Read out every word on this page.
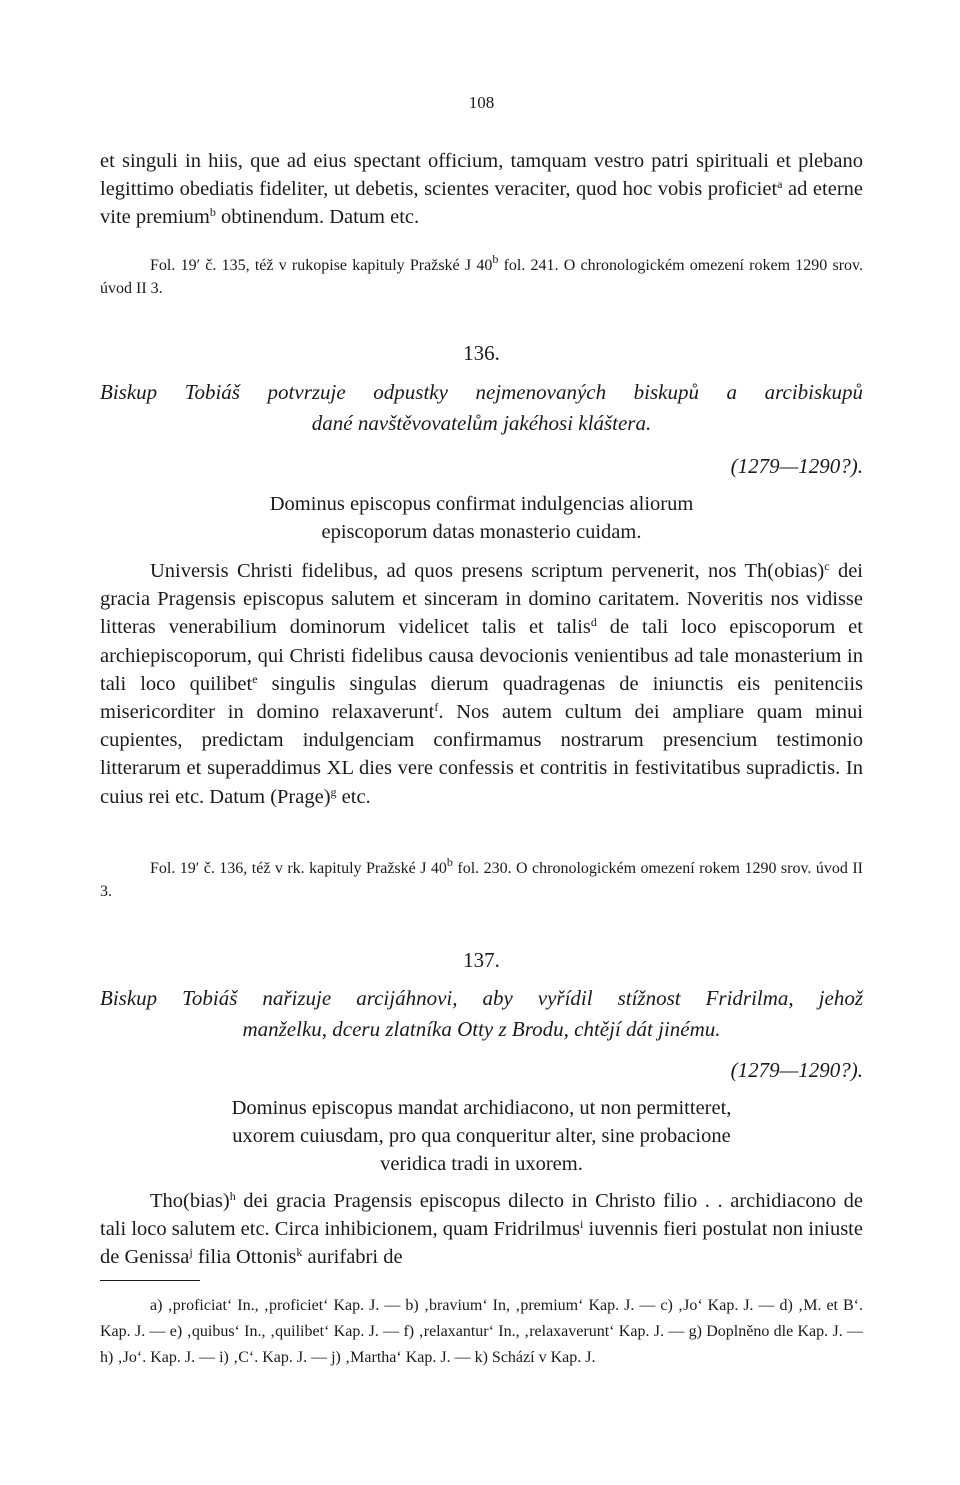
108

et singuli in hiis, que ad eius spectant officium, tamquam vestro patri spirituali et plebano legittimo obediatis fideliter, ut debetis, scientes veraciter, quod hoc vobis proficiet$^a$ ad eterne vite premium$^b$ obtinendum. Datum etc.

Fol. 19′ č. 135, též v rukopise kapituly Pražské J 40$^b$ fol. 241. O chronologickém omezení rokem 1290 srov. úvod II 3.

136.
Biskup Tobiáš potvrzuje odpustky nejmenovaných biskupů a arcibiskupů
dané navštěvovatelům jakéhosi kláštera.
(1279—1290?).
Dominus episcopus confirmat indulgencias aliorum
episcoporum datas monasterio cuidam.

Universis Christi fidelibus, ad quos presens scriptum pervenerit, nos Th(obias)$^c$ dei gracia Pragensis episcopus salutem et sinceram in domino caritatem. Noveritis nos vidisse litteras venerabilium dominorum videlicet talis et talis$^d$ de tali loco episcoporum et archiepiscoporum, qui Christi fidelibus causa devocionis venientibus ad tale monasterium in tali loco quilibet$^e$ singulis singulas dierum quadragenas de iniunctis eis penitenciis misericorditer in domino relaxaverunt$^f$. Nos autem cultum dei ampliare quam minui cupientes, predictam indulgenciam confirmamus nostrarum presencium testimonio litterarum et superaddimus XL dies vere confessis et contritis in festivitatibus supradictis. In cuius rei etc. Datum (Prage)$^g$ etc.

Fol. 19′ č. 136, též v rk. kapituly Pražské J 40$^b$ fol. 230. O chronologickém omezení rokem 1290 srov. úvod II 3.

137.
Biskup Tobiáš nařizuje arcijáhnovi, aby vyřídil stížnost Fridrilma, jehož
manželku, dceru zlatníka Otty z Brodu, chtějí dát jinému.
(1279—1290?).
Dominus episcopus mandat archidiacono, ut non permitteret,
uxorem cuiusdam, pro qua conqueritur alter, sine probacione
veridica tradi in uxorem.

Tho(bias)$^h$ dei gracia Pragensis episcopus dilecto in Christo filio . . archidiacono de tali loco salutem etc. Circa inhibicionem, quam Fridrilmus$^i$ iuvennis fieri postulat non iniuste de Genissa$^j$ filia Ottonis$^k$ aurifabri de

a) ‚proficiat‘ In., ‚proficiet‘ Kap. J. — b) ‚bravium‘ In, ‚premium‘ Kap. J. — c) ‚Jo‘ Kap. J. — d) ‚M. et B‘. Kap. J. — e) ‚quibus‘ In., ‚quilibet‘ Kap. J. — f) ‚relaxantur‘ In., ‚relaxaverunt‘ Kap. J. — g) Doplněno dle Kap. J. — h) ‚Jo‘. Kap. J. — i) ‚C‘. Kap. J. — j) ‚Martha‘ Kap. J. — k) Schází v Kap. J.
